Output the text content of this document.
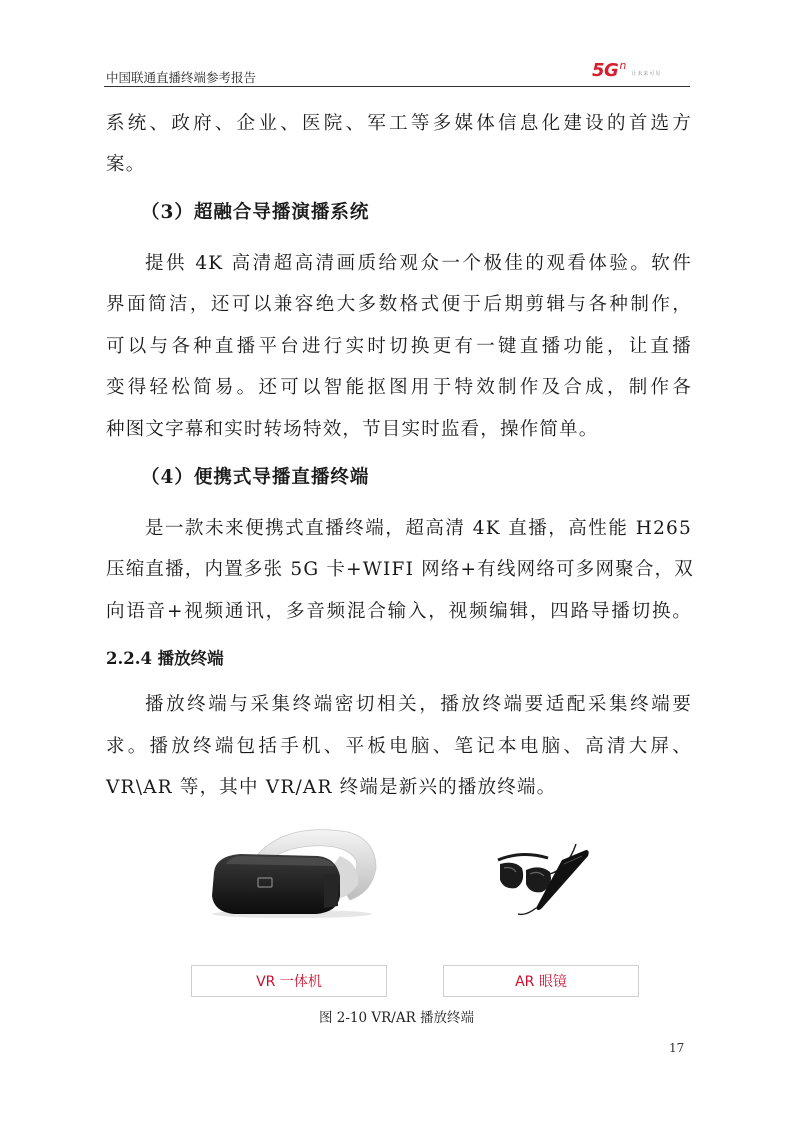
中国联通直播终端参考报告	5G n
让未来可见
系统、政府、企业、医院、军工等多媒体信息化建设的首选方
案。
（3）超融合导播演播系统
提供 4K 高清超高清画质给观众一个极佳的观看体验。软件
界面简洁，还可以兼容绝大多数格式便于后期剪辑与各种制作，
可以与各种直播平台进行实时切换更有一键直播功能，让直播
变得轻松简易。还可以智能抠图用于特效制作及合成，制作各
种图文字幕和实时转场特效，节目实时监看，操作简单。
（4）便携式导播直播终端
是一款未来便携式直播终端，超高清 4K 直播，高性能 H265
压缩直播，内置多张 5G 卡+WIFI 网络+有线网络可多网聚合，双
向语音+视频通讯，多音频混合输入，视频编辑，四路导播切换。
2.2.4 播放终端
播放终端与采集终端密切相关，播放终端要适配采集终端要
求。播放终端包括手机、平板电脑、笔记本电脑、高清大屏、
VR\AR 等，其中 VR/AR 终端是新兴的播放终端。
VR 一体机	AR 眼镜
图 2-10 VR/AR 播放终端
17
